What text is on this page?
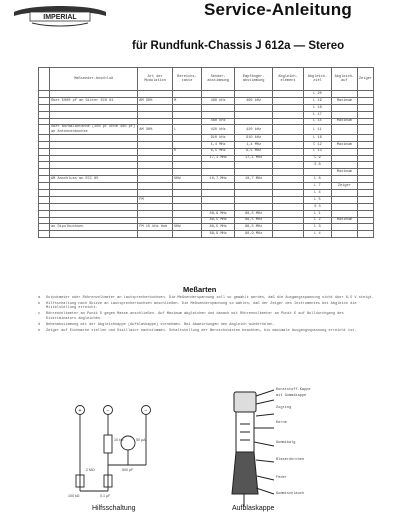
IMPERIAL	Service-Anleitung
für Rundfunk-Chassis J 612a — Stereo
	Meßsender-Anschluß	Art der Modulation	Bereichs-taste	Sender-abstimmung	Empfänger-abstimmung	Abgleich-element	Abgleich-ziel	Abgleich-auf	Zeiger
							L 20		
	Über 5000 pF an Gitter ECH 81	AM 30%	M	460 kHz	460 kHz		L 19	Maximum	
							L 18		
							L 17		
				460 kHz			L 15	Maximum	
	Über Normalantenne (200 pF ohne 400 pF) an Antennenbuchse	AM 30%	L	420 kHz	420 kHz		L 11		
				910 kHz	910 kHz		L 16		
				1,4 MHz	1,4 MHz		C 12	Maximum	
			K	6,5 MHz	6,5 MHz		L 13		
				17,1 MHz	17,1 MHz		C 9		
							S 8		
								Maximum	
	AM Anschluss an ECC 85		UKW	10,7 MHz	10,7 MHz		L 8		
							L 7	Zeiger	
							L 4		
		FM					L 5		
							S 3		
				88,9 MHz	88,5 MHz		L 1		
				88,5 MHz	88,5 MHz		L 2	Maximum	
	an Dipolbuchsen	FM 15 kHz Hub	UKW	88,5 MHz	88,5 MHz		L 3		
				88,9 MHz	88,9 MHz		L 4		
Meßarten
a	Outputmeter oder Röhrenvoltmeter an Lautsprecherbuchsen. Die Meßsenderspannung soll so gewählt werden, daß die Ausgangsspannung nicht über 0,5 V steigt.
b	Hilfsschaltung nach Skizze an Lautsprecherbuchsen anschließen. Die Meßsenderspannung so wählen, daß der Zeiger des Instrumentes bei Abgleich die Mittelstellung erreicht.
c	Röhrenvoltmeter an Punkt D gegen Masse anschließen. Auf Maximum abgleichen und danach mit Röhrenvoltmeter an Punkt E auf Nulldurchgang des Diskriminators abgleichen.
d	Nebenabstimmung mit der Abgleichkappe (Aufblaskappe) vornehmen. Bei Abweichungen den Abgleich wiederholen.
e	Zeiger auf Eichmarke stellen und Oszillator nachstimmen. Schaltstellung der Bereichstasten beachten, bis maximale Ausgangsspannung erreicht ist.
+	−	−
10 kΩ	50 µA
2 MΩ
100 kΩ	0,1 µF
500 pF
Hilfsschaltung
Kunststoff-Kappe
mit Gummikappe
Zugring
Kerne
Gummibalg
Blaseröhrchen
Feder
Gummischlauch
Aufblaskappe
